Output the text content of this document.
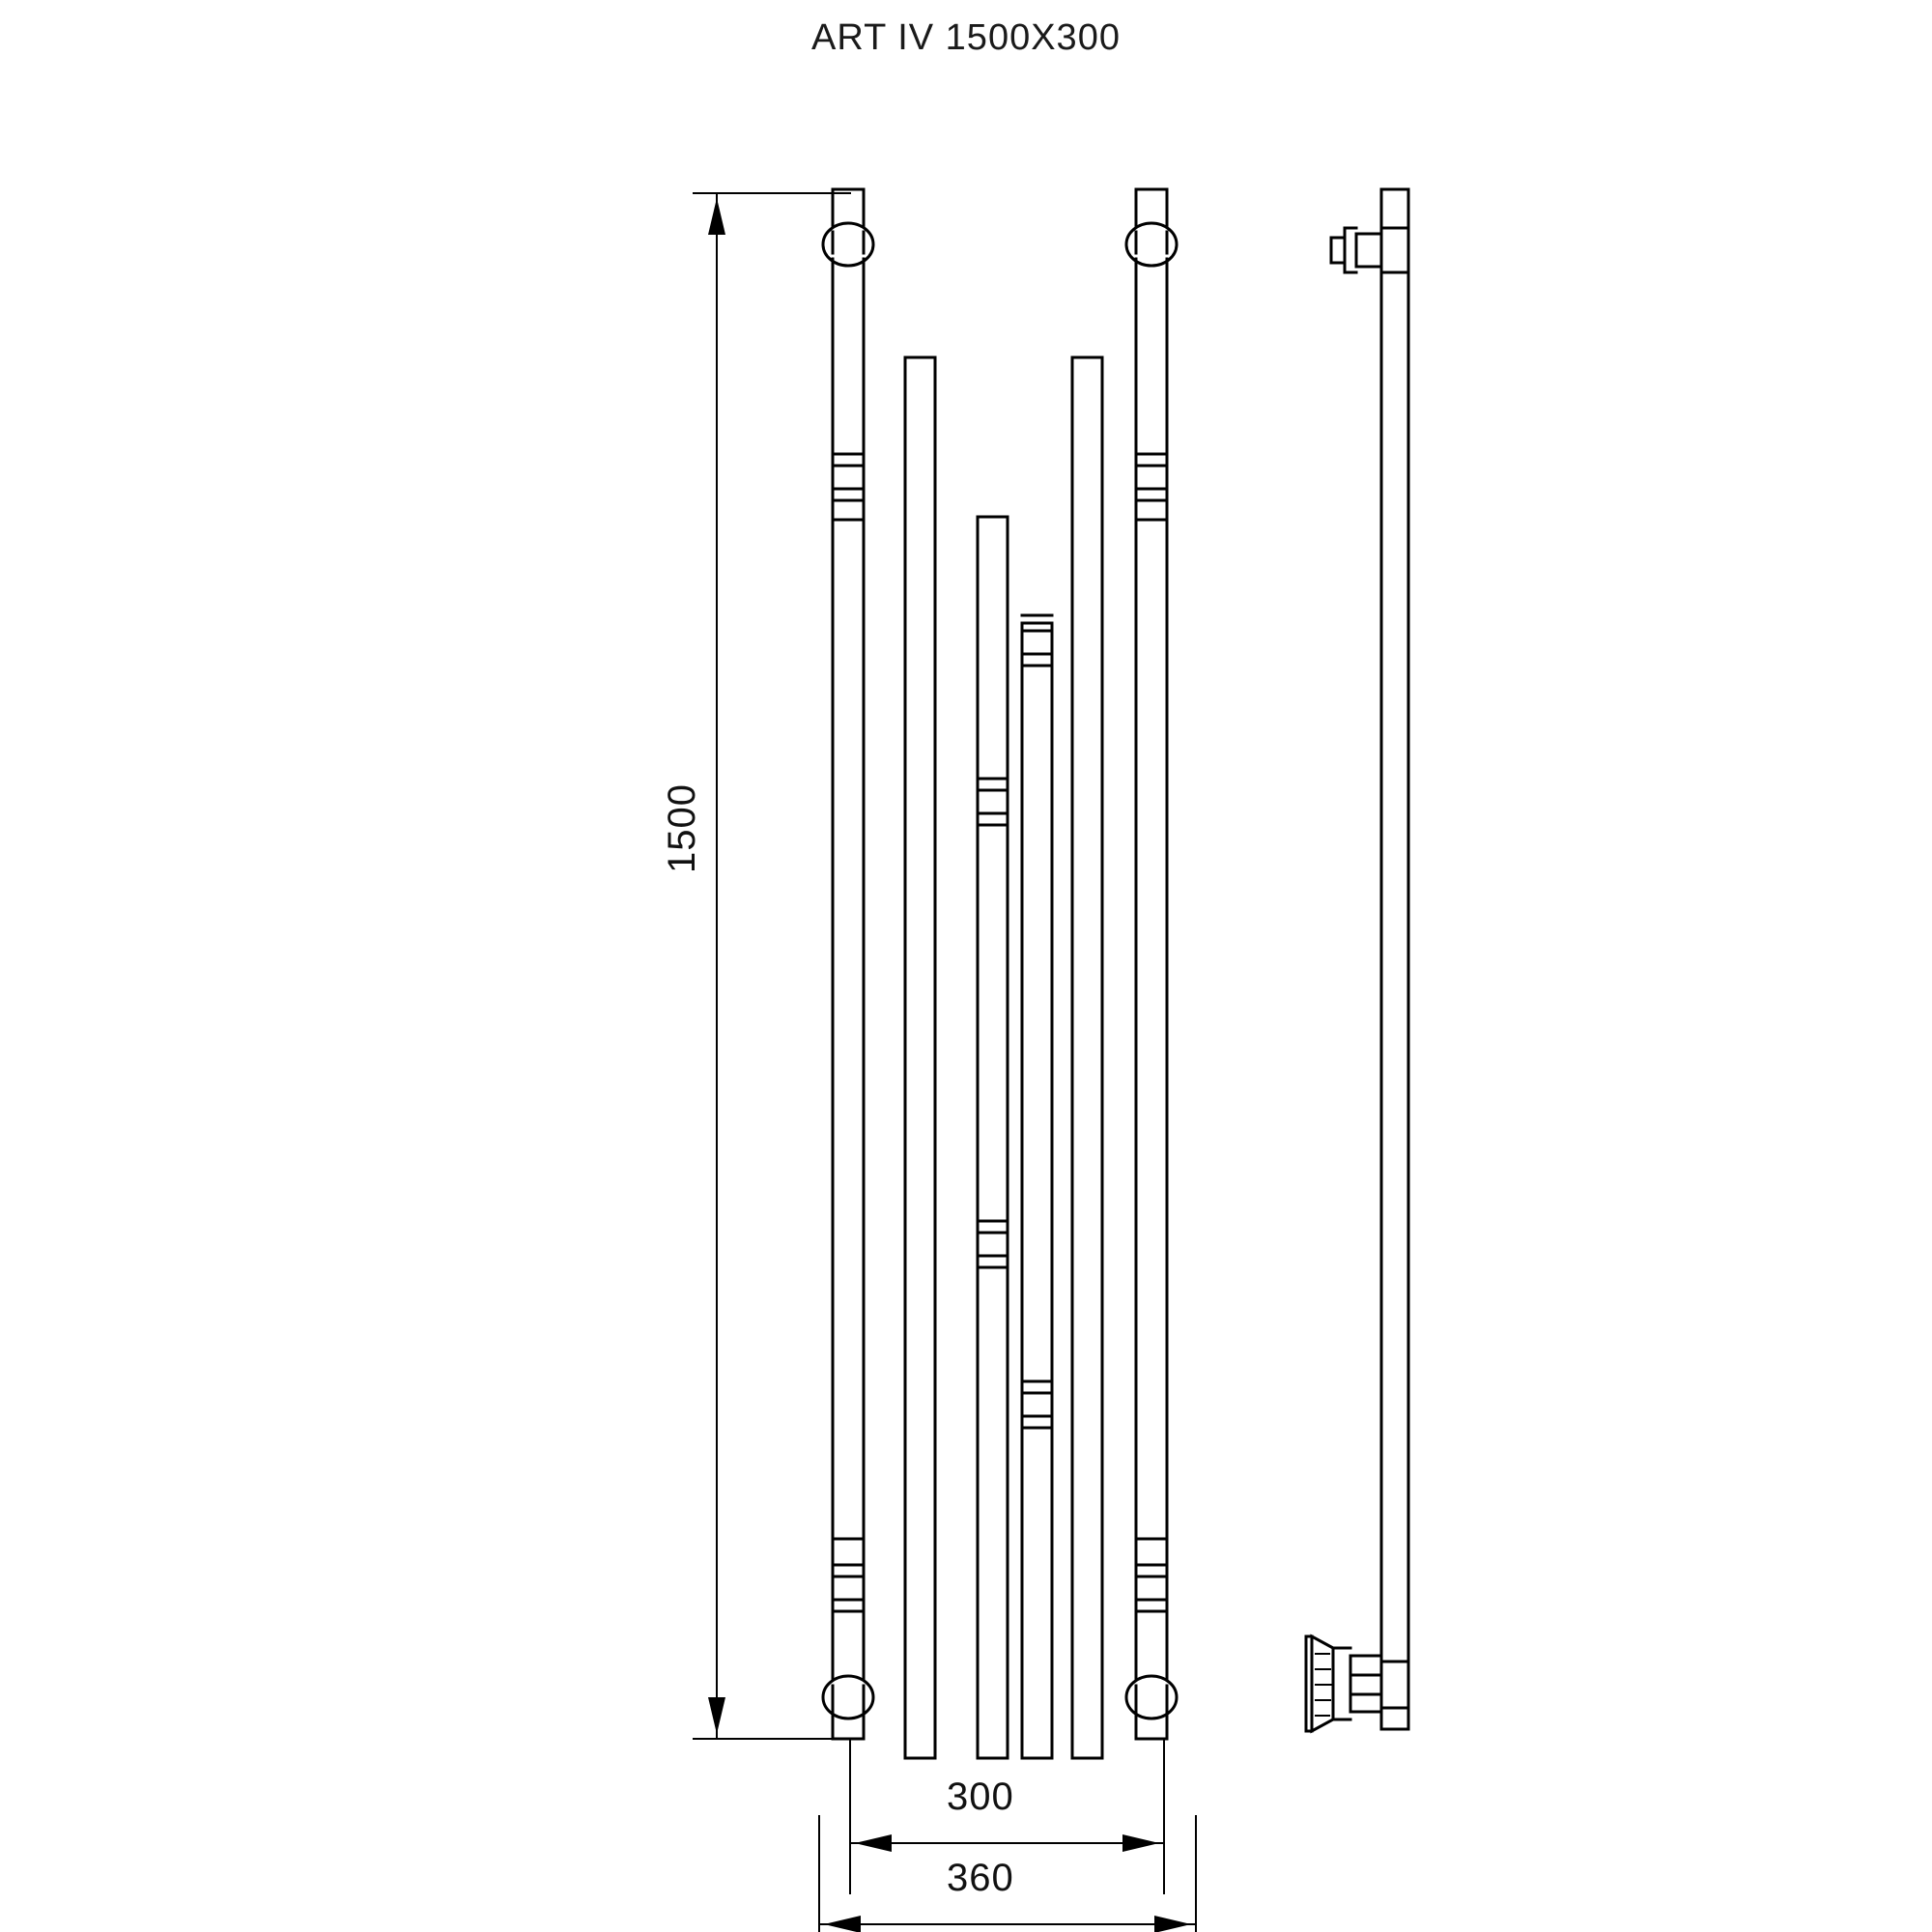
ART IV 1500X300
1500
300
360
